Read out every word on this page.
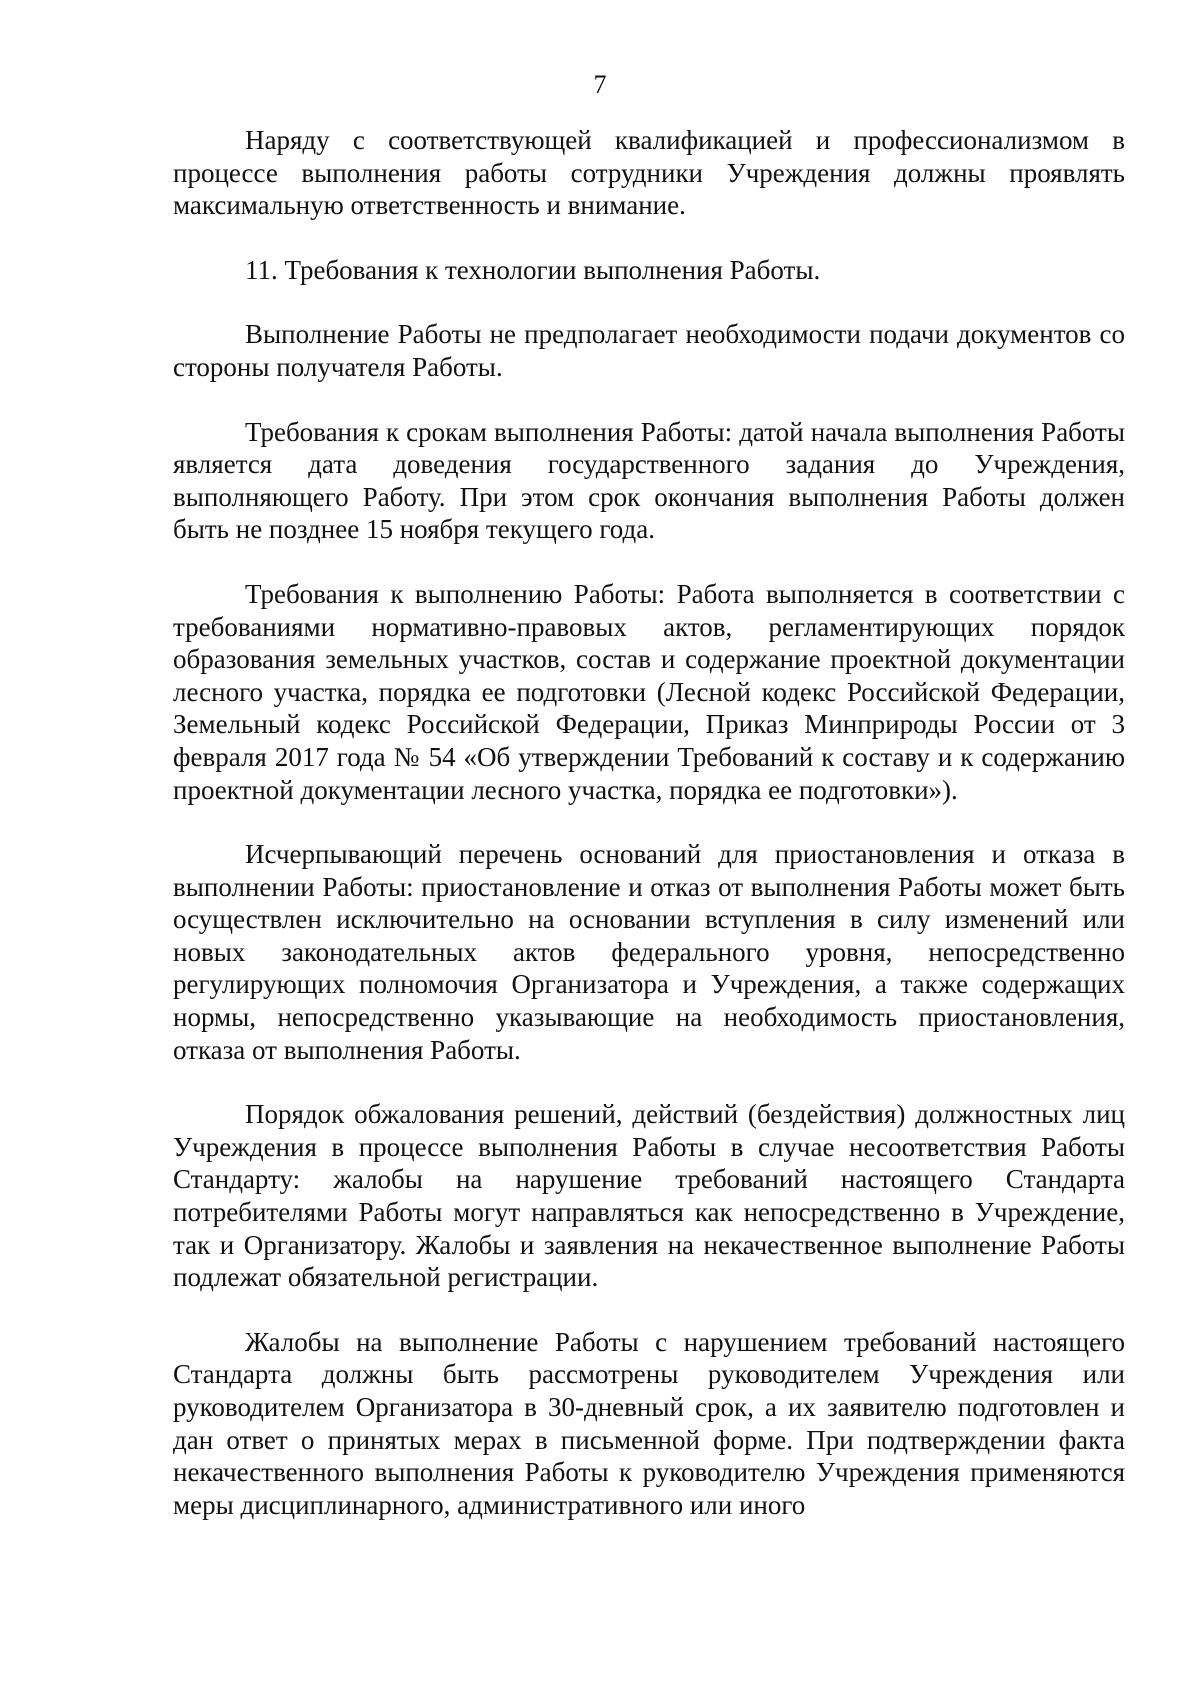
7

Наряду с соответствующей квалификацией и профессионализмом в процессе выполнения работы сотрудники Учреждения должны проявлять максимальную ответственность и внимание.

11. Требования к технологии выполнения Работы.

Выполнение Работы не предполагает необходимости подачи документов со стороны получателя Работы.

Требования к срокам выполнения Работы: датой начала выполнения Работы является дата доведения государственного задания до Учреждения, выполняющего Работу. При этом срок окончания выполнения Работы должен быть не позднее 15 ноября текущего года.

Требования к выполнению Работы: Работа выполняется в соответствии с требованиями нормативно-правовых актов, регламентирующих порядок образования земельных участков, состав и содержание проектной документации лесного участка, порядка ее подготовки (Лесной кодекс Российской Федерации, Земельный кодекс Российской Федерации, Приказ Минприроды России от 3 февраля 2017 года № 54 «Об утверждении Требований к составу и к содержанию проектной документации лесного участка, порядка ее подготовки»).

Исчерпывающий перечень оснований для приостановления и отказа в выполнении Работы: приостановление и отказ от выполнения Работы может быть осуществлен исключительно на основании вступления в силу изменений или новых законодательных актов федерального уровня, непосредственно регулирующих полномочия Организатора и Учреждения, а также содержащих нормы, непосредственно указывающие на необходимость приостановления, отказа от выполнения Работы.

Порядок обжалования решений, действий (бездействия) должностных лиц Учреждения в процессе выполнения Работы в случае несоответствия Работы Стандарту: жалобы на нарушение требований настоящего Стандарта потребителями Работы могут направляться как непосредственно в Учреждение, так и Организатору. Жалобы и заявления на некачественное выполнение Работы подлежат обязательной регистрации.

Жалобы на выполнение Работы с нарушением требований настоящего Стандарта должны быть рассмотрены руководителем Учреждения или руководителем Организатора в 30-дневный срок, а их заявителю подготовлен и дан ответ о принятых мерах в письменной форме. При подтверждении факта некачественного выполнения Работы к руководителю Учреждения применяются меры дисциплинарного, административного или иного
